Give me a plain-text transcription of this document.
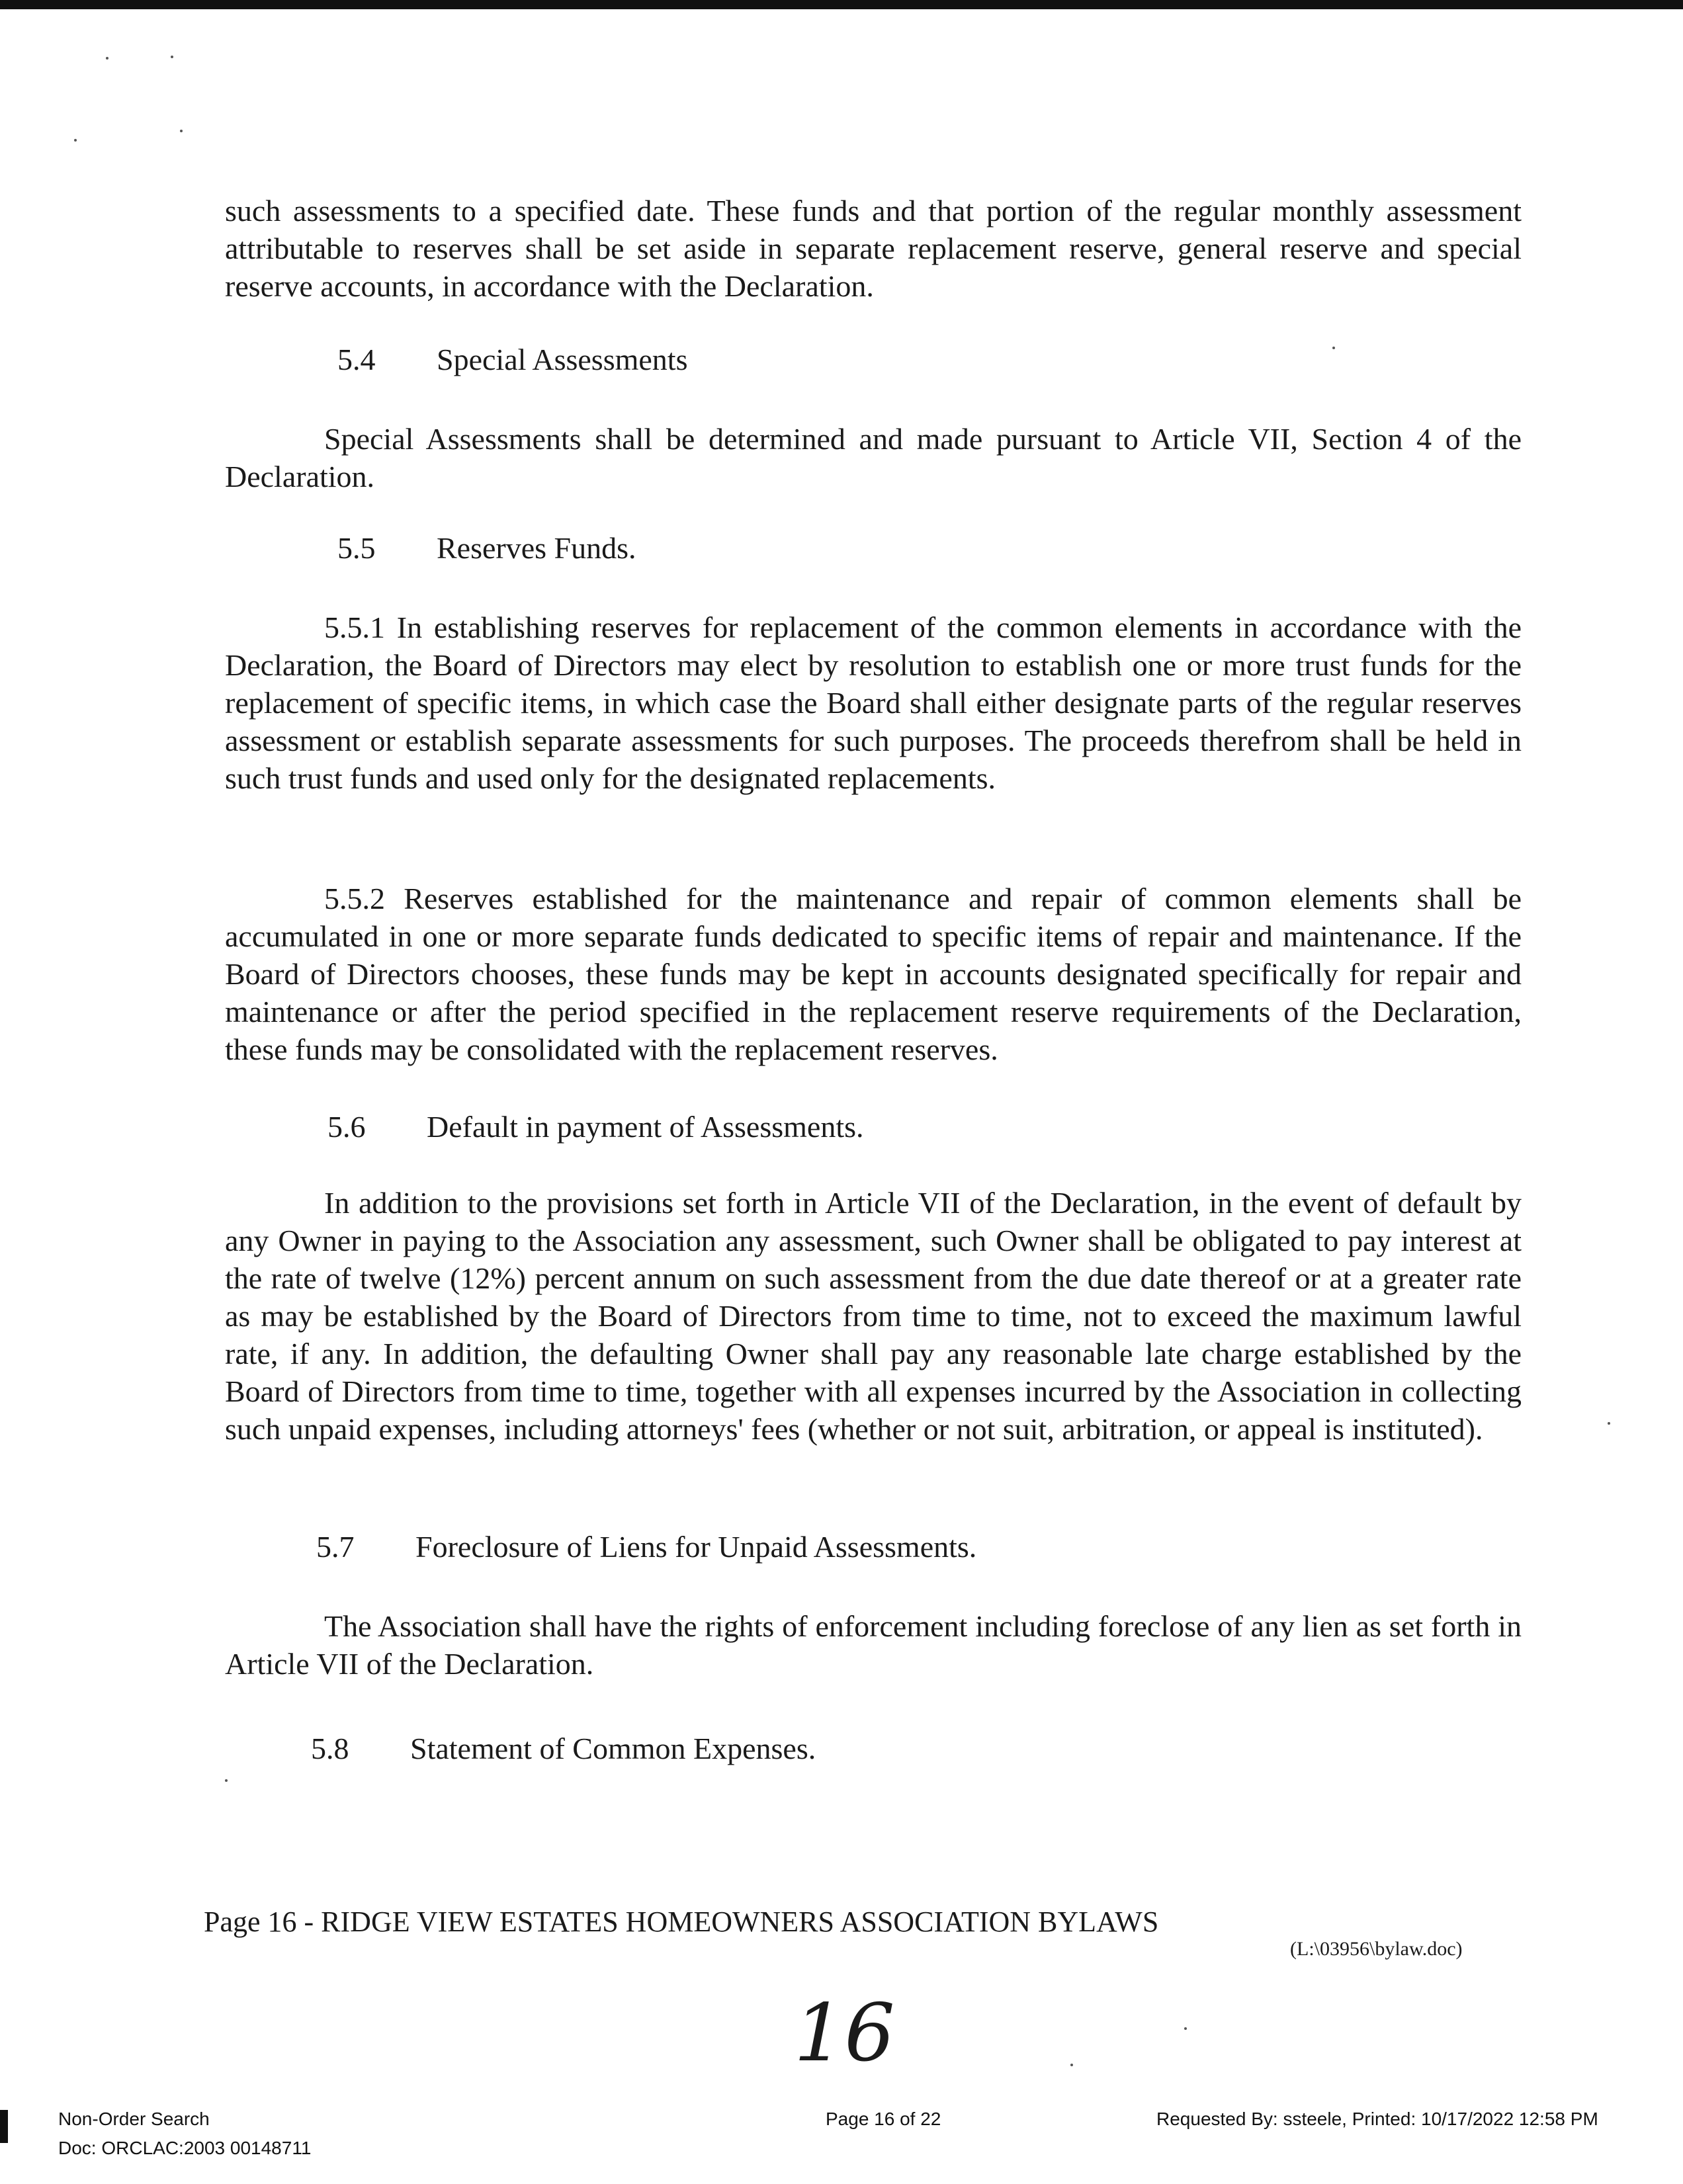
such assessments to a specified date. These funds and that portion of the regular monthly assessment attributable to reserves shall be set aside in separate replacement reserve, general reserve and special reserve accounts, in accordance with the Declaration.

5.4 Special Assessments

Special Assessments shall be determined and made pursuant to Article VII, Section 4 of the Declaration.

5.5 Reserves Funds.

5.5.1 In establishing reserves for replacement of the common elements in accordance with the Declaration, the Board of Directors may elect by resolution to establish one or more trust funds for the replacement of specific items, in which case the Board shall either designate parts of the regular reserves assessment or establish separate assessments for such purposes. The proceeds therefrom shall be held in such trust funds and used only for the designated replacements.

5.5.2 Reserves established for the maintenance and repair of common elements shall be accumulated in one or more separate funds dedicated to specific items of repair and maintenance. If the Board of Directors chooses, these funds may be kept in accounts designated specifically for repair and maintenance or after the period specified in the replacement reserve requirements of the Declaration, these funds may be consolidated with the replacement reserves.

5.6 Default in payment of Assessments.

In addition to the provisions set forth in Article VII of the Declaration, in the event of default by any Owner in paying to the Association any assessment, such Owner shall be obligated to pay interest at the rate of twelve (12%) percent annum on such assessment from the due date thereof or at a greater rate as may be established by the Board of Directors from time to time, not to exceed the maximum lawful rate, if any. In addition, the defaulting Owner shall pay any reasonable late charge established by the Board of Directors from time to time, together with all expenses incurred by the Association in collecting such unpaid expenses, including attorneys' fees (whether or not suit, arbitration, or appeal is instituted).

5.7 Foreclosure of Liens for Unpaid Assessments.

The Association shall have the rights of enforcement including foreclose of any lien as set forth in Article VII of the Declaration.

5.8 Statement of Common Expenses.
Page 16 - RIDGE VIEW ESTATES HOMEOWNERS ASSOCIATION BYLAWS
(L:\03956\bylaw.doc)
16
Non-Order Search
Doc: ORCLAC:2003 00148711
Page 16 of 22	Requested By: ssteele, Printed: 10/17/2022 12:58 PM
